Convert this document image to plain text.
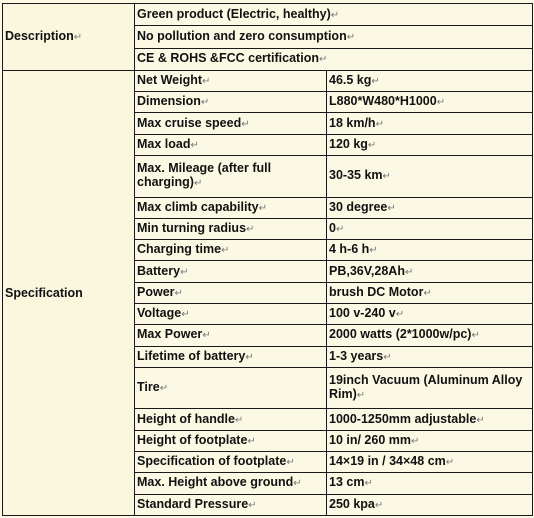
Description↵	Green product (Electric, healthy)↵	
	No pollution and zero consumption↵	
	CE & ROHS &FCC certification↵	
Specification	Net Weight↵	46.5 kg↵
	Dimension↵	L880*W480*H1000↵
	Max cruise speed↵	18 km/h↵
	Max load↵	120 kg↵
	Max. Mileage (after full charging)↵	30-35 km↵
	Max climb capability↵	30 degree↵
	Min turning radius↵	0↵
	Charging time↵	4 h-6 h↵
	Battery↵	PB,36V,28Ah↵
	Power↵	brush DC Motor↵
	Voltage↵	100 v-240 v↵
	Max Power↵	2000 watts (2*1000w/pc)↵
	Lifetime of battery↵	1-3 years↵
	Tire↵	19inch Vacuum (Aluminum Alloy Rim)↵
	Height of handle↵	1000-1250mm adjustable↵
	Height of footplate↵	10 in/ 260 mm↵
	Specification of footplate↵	14×19 in / 34×48 cm↵
	Max. Height above ground↵	13 cm↵
	Standard Pressure↵	250 kpa↵
